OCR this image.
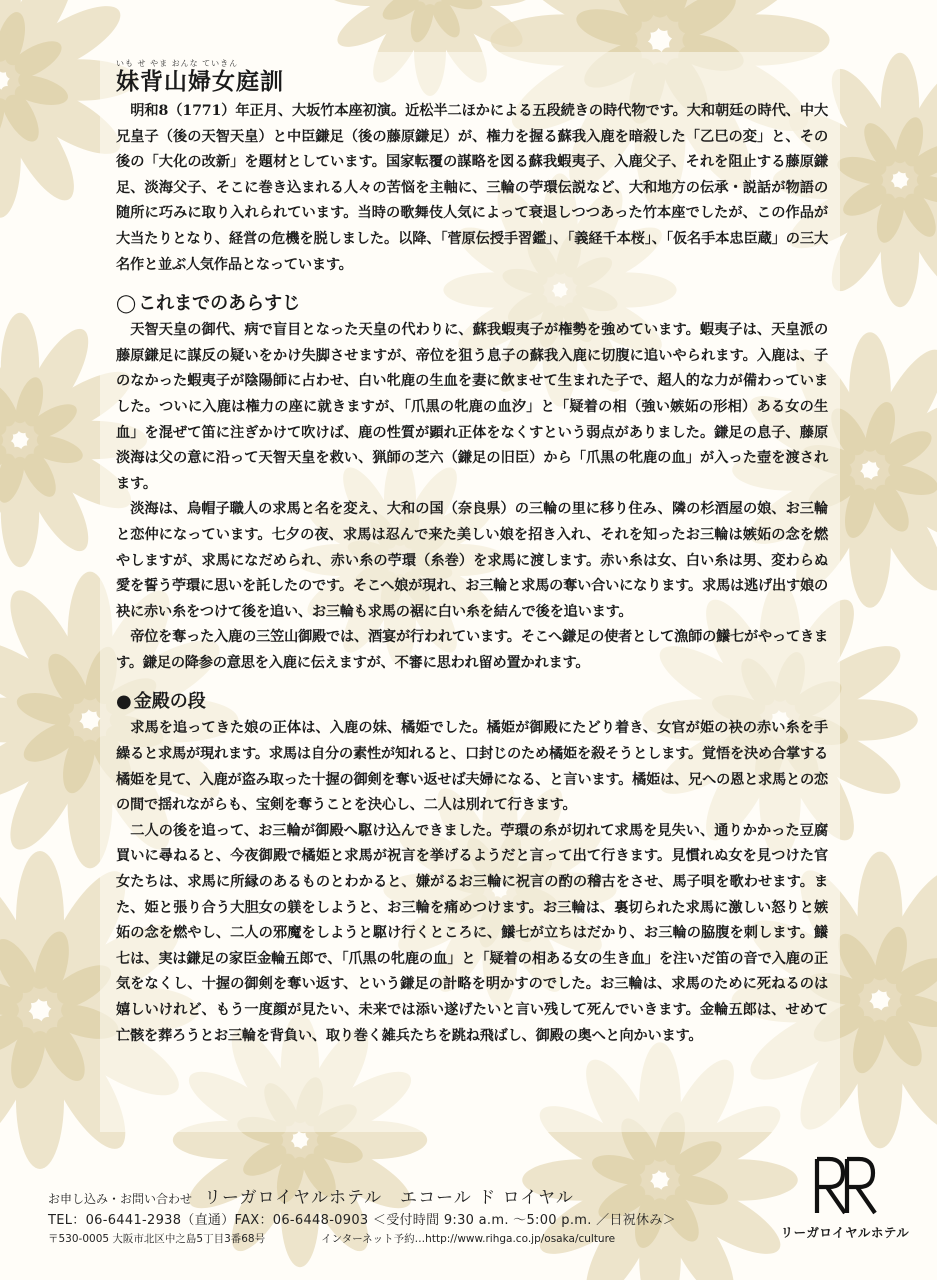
いも せ やま おんな ていきん
妹背山婦女庭訓

明和8（1771）年正月、大坂竹本座初演。近松半二ほかによる五段続きの時代物です。大和朝廷の時代、中大兄皇子（後の天智天皇）と中臣鎌足（後の藤原鎌足）が、権力を握る蘇我入鹿を暗殺した「乙巳の変」と、その後の「大化の改新」を題材としています。国家転覆の謀略を図る蘇我蝦夷子、入鹿父子、それを阻止する藤原鎌足、淡海父子、そこに巻き込まれる人々の苦悩を主軸に、三輪の苧環伝説など、大和地方の伝承・説話が物語の随所に巧みに取り入れられています。当時の歌舞伎人気によって衰退しつつあった竹本座でしたが、この作品が大当たりとなり、経営の危機を脱しました。以降、「菅原伝授手習鑑」、「義経千本桜」、「仮名手本忠臣蔵」の三大名作と並ぶ人気作品となっています。

◯ これまでのあらすじ

天智天皇の御代、病で盲目となった天皇の代わりに、蘇我蝦夷子が権勢を強めています。蝦夷子は、天皇派の藤原鎌足に謀反の疑いをかけ失脚させますが、帝位を狙う息子の蘇我入鹿に切腹に追いやられます。入鹿は、子のなかった蝦夷子が陰陽師に占わせ、白い牝鹿の生血を妻に飲ませて生まれた子で、超人的な力が備わっていました。ついに入鹿は権力の座に就きますが、「爪黒の牝鹿の血汐」と「疑着の相（強い嫉妬の形相）ある女の生血」を混ぜて笛に注ぎかけて吹けば、鹿の性質が顕れ正体をなくすという弱点がありました。鎌足の息子、藤原淡海は父の意に沿って天智天皇を救い、猟師の芝六（鎌足の旧臣）から「爪黒の牝鹿の血」が入った壺を渡されます。

淡海は、烏帽子職人の求馬と名を変え、大和の国（奈良県）の三輪の里に移り住み、隣の杉酒屋の娘、お三輪と恋仲になっています。七夕の夜、求馬は忍んで来た美しい娘を招き入れ、それを知ったお三輪は嫉妬の念を燃やしますが、求馬になだめられ、赤い糸の苧環（糸巻）を求馬に渡します。赤い糸は女、白い糸は男、変わらぬ愛を誓う苧環に思いを託したのです。そこへ娘が現れ、お三輪と求馬の奪い合いになります。求馬は逃げ出す娘の袂に赤い糸をつけて後を追い、お三輪も求馬の裾に白い糸を結んで後を追います。

帝位を奪った入鹿の三笠山御殿では、酒宴が行われています。そこへ鎌足の使者として漁師の鱶七がやってきます。鎌足の降参の意思を入鹿に伝えますが、不審に思われ留め置かれます。

● 金殿の段

求馬を追ってきた娘の正体は、入鹿の妹、橘姫でした。橘姫が御殿にたどり着き、女官が姫の袂の赤い糸を手繰ると求馬が現れます。求馬は自分の素性が知れると、口封じのため橘姫を殺そうとします。覚悟を決め合掌する橘姫を見て、入鹿が盗み取った十握の御剣を奪い返せば夫婦になる、と言います。橘姫は、兄への恩と求馬との恋の間で揺れながらも、宝剣を奪うことを決心し、二人は別れて行きます。

二人の後を追って、お三輪が御殿へ駆け込んできました。苧環の糸が切れて求馬を見失い、通りかかった豆腐買いに尋ねると、今夜御殿で橘姫と求馬が祝言を挙げるようだと言って出て行きます。見慣れぬ女を見つけた官女たちは、求馬に所縁のあるものとわかると、嫌がるお三輪に祝言の酌の稽古をさせ、馬子唄を歌わせます。また、姫と張り合う大胆女の躾をしようと、お三輪を痛めつけます。お三輪は、裏切られた求馬に激しい怒りと嫉妬の念を燃やし、二人の邪魔をしようと駆け行くところに、鱶七が立ちはだかり、お三輪の脇腹を刺します。鱶七は、実は鎌足の家臣金輪五郎で、「爪黒の牝鹿の血」と「疑着の相ある女の生き血」を注いだ笛の音で入鹿の正気をなくし、十握の御剣を奪い返す、という鎌足の計略を明かすのでした。お三輪は、求馬のために死ねるのは嬉しいけれど、もう一度顔が見たい、未来では添い遂げたいと言い残して死んでいきます。金輪五郎は、せめて亡骸を葬ろうとお三輪を背負い、取り巻く雑兵たちを跳ね飛ばし、御殿の奥へと向かいます。

お申し込み・お問い合わせ リーガロイヤルホテル　エコール ド ロイヤル
TEL：06-6441-2938（直通）FAX：06-6448-0903 ＜受付時間 9:30 a.m. ～5:00 p.m. ／日祝休み＞
〒530-0005 大阪市北区中之島5丁目3番68号	インターネット予約…http://www.rihga.co.jp/osaka/culture	リーガロイヤルホテル
